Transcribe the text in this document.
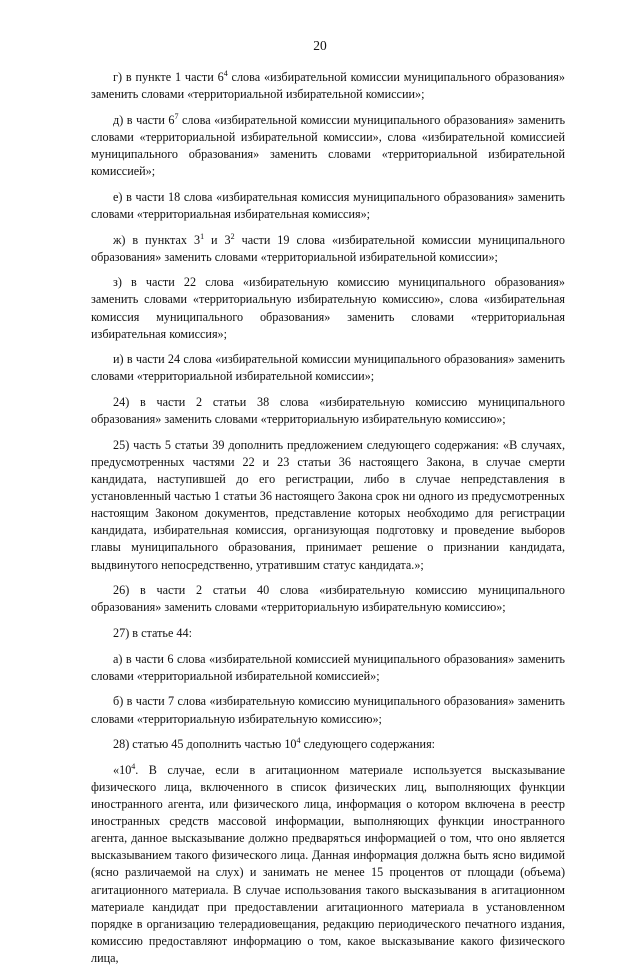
20

г) в пункте 1 части $6^4$ слова «избирательной комиссии муниципального образования» заменить словами «территориальной избирательной комиссии»;

д) в части $6^7$ слова «избирательной комиссии муниципального образования» заменить словами «территориальной избирательной комиссии», слова «избирательной комиссией муниципального образования» заменить словами «территориальной избирательной комиссией»;

е) в части 18 слова «избирательная комиссия муниципального образования» заменить словами «территориальная избирательная комиссия»;

ж) в пунктах $3^1$ и $3^2$ части 19 слова «избирательной комиссии муниципального образования» заменить словами «территориальной избирательной комиссии»;

з) в части 22 слова «избирательную комиссию муниципального образования» заменить словами «территориальную избирательную комиссию», слова «избирательная комиссия муниципального образования» заменить словами «территориальная избирательная комиссия»;

и) в части 24 слова «избирательной комиссии муниципального образования» заменить словами «территориальной избирательной комиссии»;

24) в части 2 статьи 38 слова «избирательную комиссию муниципального образования» заменить словами «территориальную избирательную комиссию»;

25) часть 5 статьи 39 дополнить предложением следующего содержания: «В случаях, предусмотренных частями 22 и 23 статьи 36 настоящего Закона, в случае смерти кандидата, наступившей до его регистрации, либо в случае непредставления в установленный частью 1 статьи 36 настоящего Закона срок ни одного из предусмотренных настоящим Законом документов, представление которых необходимо для регистрации кандидата, избирательная комиссия, организующая подготовку и проведение выборов главы муниципального образования, принимает решение о признании кандидата, выдвинутого непосредственно, утратившим статус кандидата.»;

26) в части 2 статьи 40 слова «избирательную комиссию муниципального образования» заменить словами «территориальную избирательную комиссию»;

27) в статье 44:

а) в части 6 слова «избирательной комиссией муниципального образования» заменить словами «территориальной избирательной комиссией»;

б) в части 7 слова «избирательную комиссию муниципального образования» заменить словами «территориальную избирательную комиссию»;

28) статью 45 дополнить частью $10^4$ следующего содержания:

«$10^4$. В случае, если в агитационном материале используется высказывание физического лица, включенного в список физических лиц, выполняющих функции иностранного агента, или физического лица, информация о котором включена в реестр иностранных средств массовой информации, выполняющих функции иностранного агента, данное высказывание должно предваряться информацией о том, что оно является высказыванием такого физического лица. Данная информация должна быть ясно видимой (ясно различаемой на слух) и занимать не менее 15 процентов от площади (объема) агитационного материала. В случае использования такого высказывания в агитационном материале кандидат при предоставлении агитационного материала в установленном порядке в организацию телерадиовещания, редакцию периодического печатного издания, комиссию предоставляют информацию о том, какое высказывание какого физического лица,
